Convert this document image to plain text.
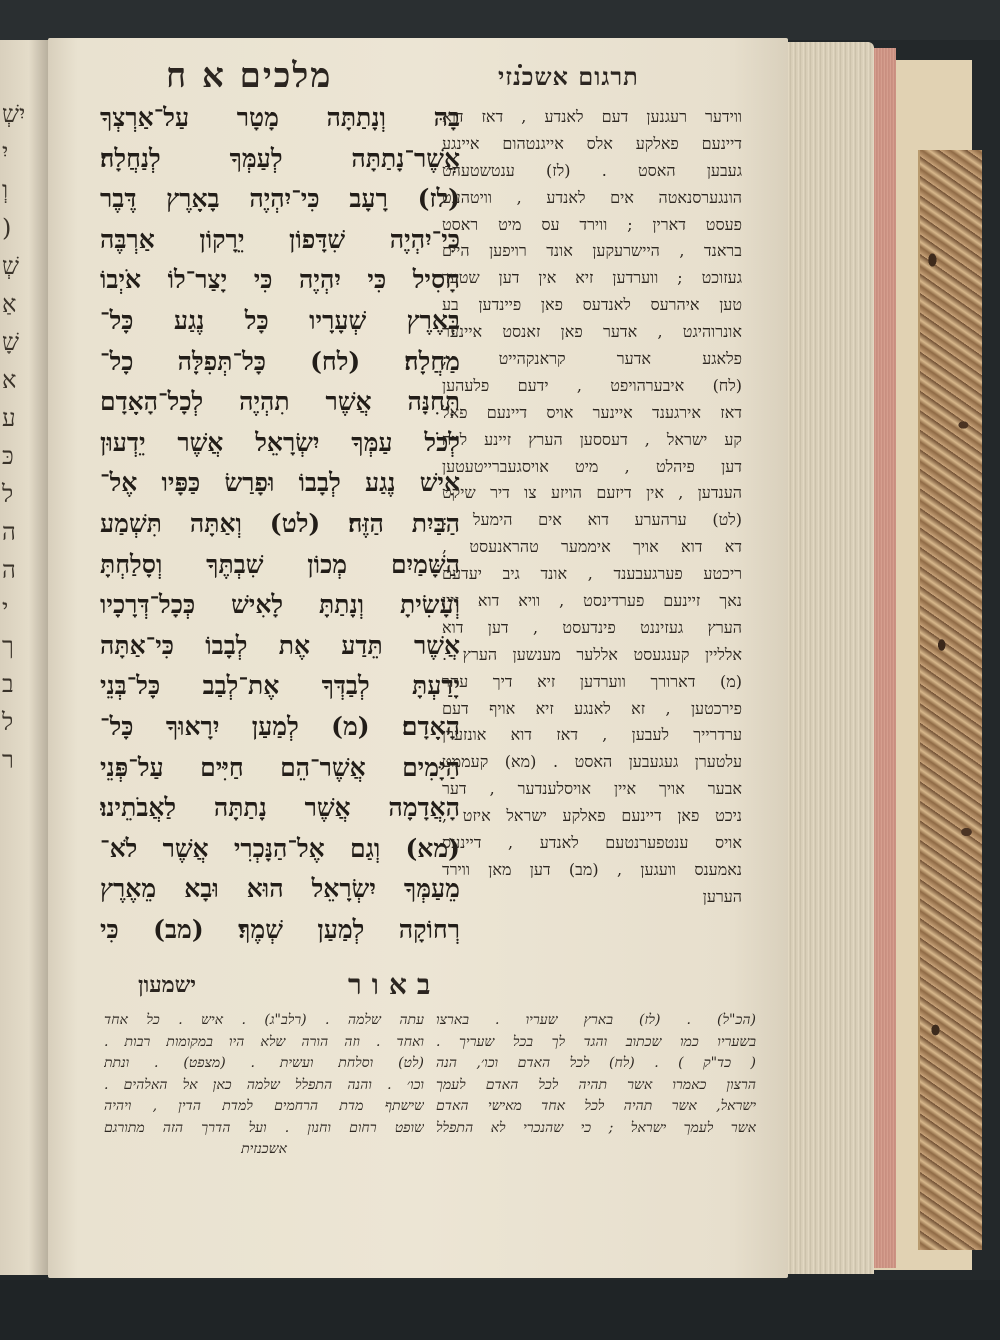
יִשְׁ
יִ
וְ
(
שְׁ
אַ
שָׁ
א
ע
כּ
ל
ה
ה
י
ך
ב
ל
ר
מלכים א ח	תרגום אשכנזי
בָהּ וְנָתַתָּה מָטָר עַל־אַרְצְךָ
אֲשֶׁר־נָתַתָּה לְעַמְּךָ לְנַחֲלָה׃
(לז) רָעָב כִּי־יִהְיֶה בָאָרֶץ דֶּבֶר
כִּי־יִהְיֶה שִׁדָּפוֹן יֵרָקוֹן אַרְבֶּה
חָסִיל כִּי יִהְיֶה כִּי יָצַר־לוֹ אֹיְבוֹ
בְּאֶרֶץ שְׁעָרָיו כָּל נֶגַע כָּל־
מַחֲלָה׃ (לח) כָּל־תְּפִלָּה כָל־
תְּחִנָּה אֲשֶׁר תִהְיֶה לְכָל־הָאָדָם
לְכֹל עַמְּךָ יִשְׂרָאֵל אֲשֶׁר יֵדְעוּן
אִישׁ נֶגַע לְבָבוֹ וּפָרַשׂ כַּפָּיו אֶל־
הַבַּיִת הַזֶּה׃ (לט) וְאַתָּה תִּשְׁמַע
הַשָּׁמַיִם מְכוֹן שִׁבְתֶּךָ וְסָלַחְתָּ
וְעָשִׂיתָ וְנָתַתָּ לָאִישׁ כְּכָל־דְּרָכָיו
אֲשֶׁר תֵּדַע אֶת לְבָבוֹ כִּי־אַתָּה
יָדַעְתָּ לְבַדְּךָ אֶת־לְבַב כָּל־בְּנֵי
הָאָדָם׃ (מ) לְמַעַן יִרָאוּךָ כָּל־
הַיָּמִים אֲשֶׁר־הֵם חַיִּים עַל־פְּנֵי
הָאֲדָמָה אֲשֶׁר נָתַתָּה לַאֲבֹתֵינוּ׃
(מא) וְגַם אֶל־הַנָּכְרִי אֲשֶׁר לֹא־
מֵעַמְּךָ יִשְׂרָאֵל הוּא וּבָא מֵאֶרֶץ
רְחוֹקָה לְמַעַן שְׁמֶךָ׃ (מב) כִּי
ווידער רעגנען דעם לאנדע , דאז דוא
דיינעם פאלקע אלס אייגנטהום איינגע
געבען האסט . (לז) ענטשטעהט
הונגערסנאטה אים לאנדע , וויטהעט
פעסט דארין ; ווירד עס מיט ראסט
בראנד , היישרעקען אונד רויפען היים
געזוכט ; ווערדען זיא אין דען שטעד
טען איהרעס לאנדעס פאן פיינדען בע
אונרוהיגט , אדער פאן זאנסט איינער
פלאגע אדער קראנקהייט ;
(לח) איבערהויפט , ידעם פלעהען
דאז אירגענד איינער אויס דיינעם פאל
קע ישראל , דעססען הערץ זיינע לייה
דען פיהלט , מיט אויסגעברייטעטען
הענדען , אין דיזעם הויזע צו דיר שיקט
(לט) ערהערע דוא אים הימעל :
דא דוא אויך איממער טהראנעסט ,
ריכטע פערגעבענד , אונד גיב יעדעם
נאך זיינעם פערדינסט , וויא דוא זיין
הערץ געזיננט פינדעסט , דען דוא
אלליין קענגעסט אללער מענשען הערץ .
(מ) דארורך ווערדען זיא דיך עהר
פירכטען , זא לאנגע זיא אויף דעם
ערדרייך לעבען , דאז דוא אונזערן
עלטערן געגעבען האסט . (מא) קעממט
אבער אויך איין אויסלענדער , דער
ניכט פאן דיינעם פאלקע ישראל איזט ,
אויס ענטפערנטעם לאנדע , דיינעס
נאמענס וועגען , (מב) דען מאן ווירד
הערען
ישמעון	באור
עתה שלמה . (רלב"ג) . איש . כל אחד
ואחד . וזה הורה שלא היו במקומות רבות .
(לט) וסלחת ועשית . (מצפט) . ונתת
וכו׳ . והנה התפלל שלמה כאן אל האלהים .
שישתף מדת הרחמים למדת הדין , ויהיה
שופט רחום וחנון . ועל הדרך הזה מתורגם
אשכנזית
(הכ"ל) . (לז) בארץ שעריו . בארצו
בשעריו כמו שכתוב והגד לך בכל שעריך .
( כד"ק ) . (לח) לכל האדם וכו׳, הנה
הרצון כאמרו אשר תהיה לכל האדם לעמך
ישראל, אשר תהיה לכל אחד מאישי האדם
אשר לעמך ישראל ; כי שהנכרי לא התפלל
